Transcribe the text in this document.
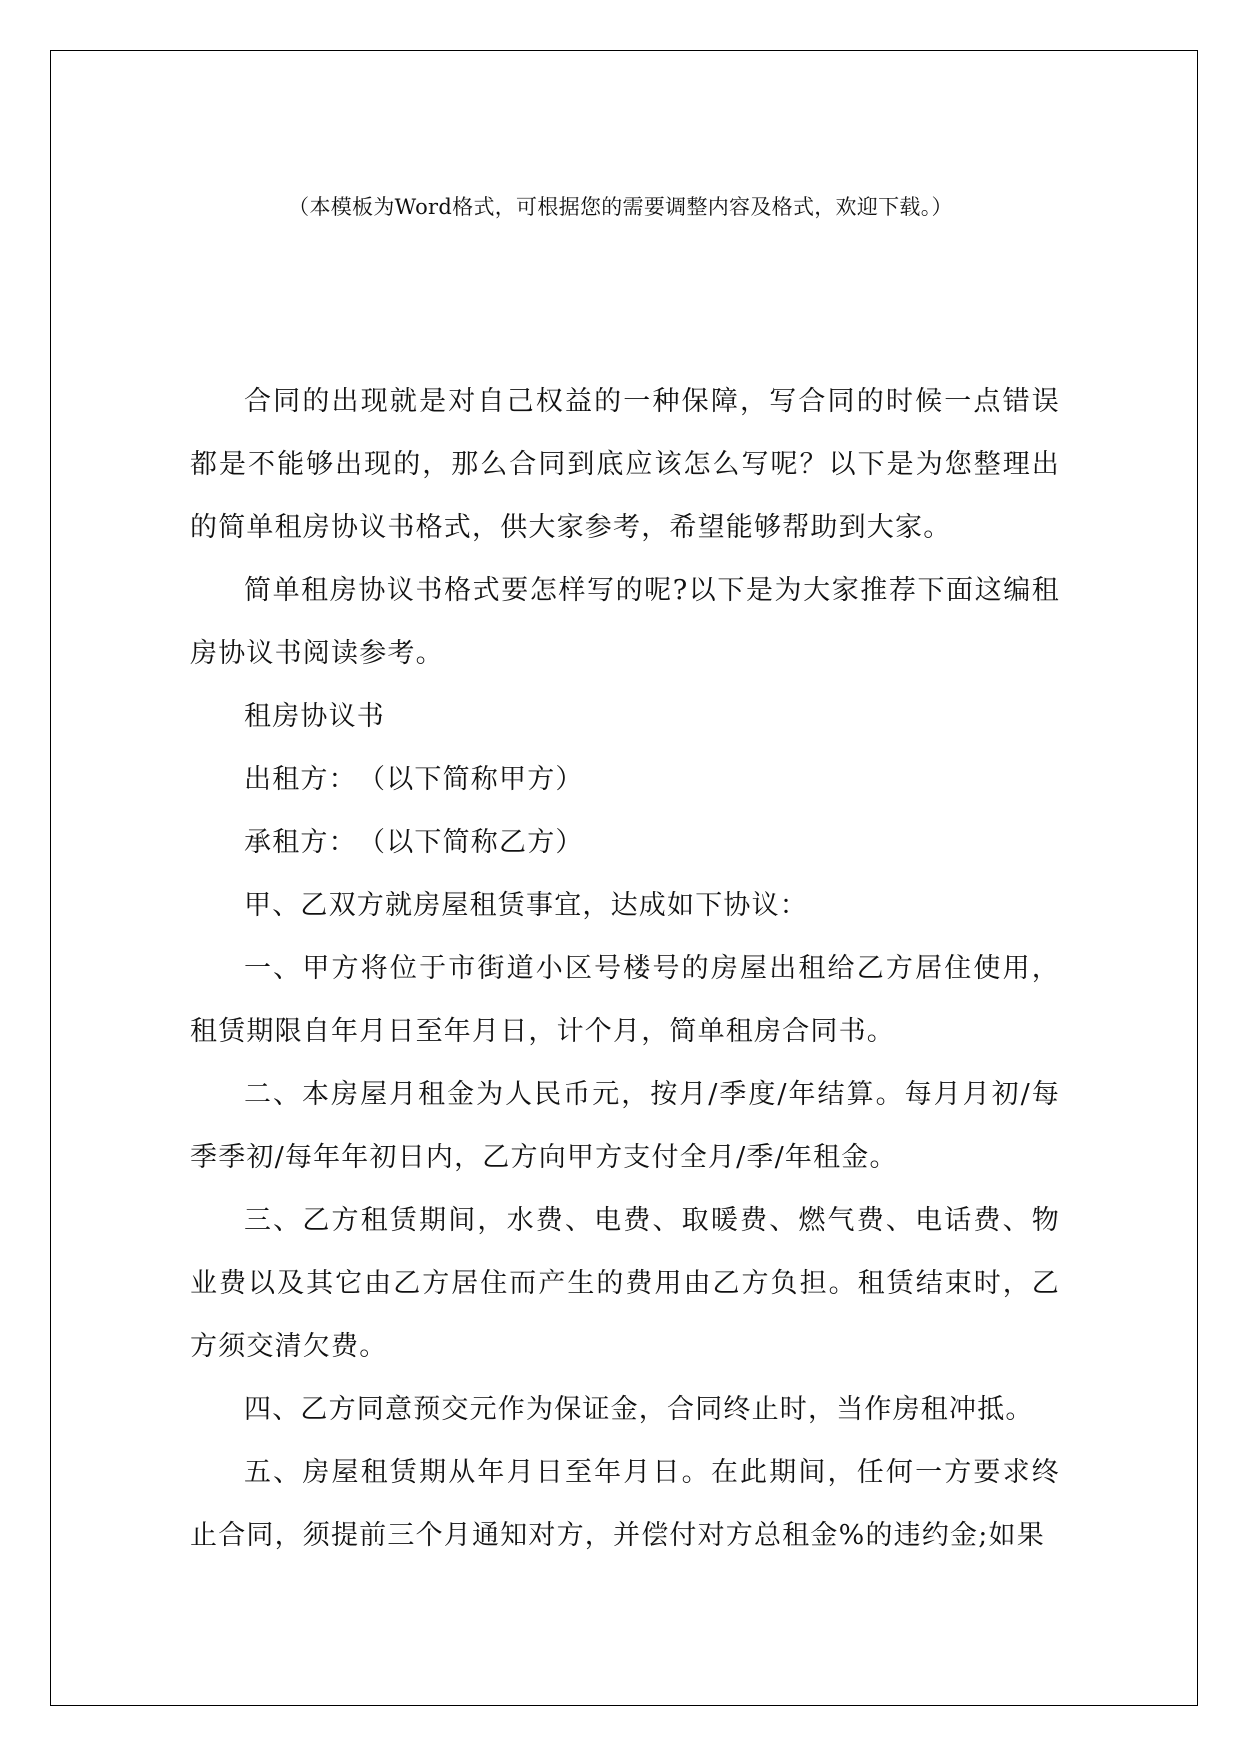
（本模板为Word格式，可根据您的需要调整内容及格式，欢迎下载。）

合同的出现就是对自己权益的一种保障，写合同的时候一点错误都是不能够出现的，那么合同到底应该怎么写呢？以下是为您整理出的简单租房协议书格式，供大家参考，希望能够帮助到大家。

简单租房协议书格式要怎样写的呢?以下是为大家推荐下面这编租房协议书阅读参考。

租房协议书

出租方：　（以下简称甲方）

承租方：　（以下简称乙方）

甲、乙双方就房屋租赁事宜，达成如下协议：

一、甲方将位于市街道小区号楼号的房屋出租给乙方居住使用，租赁期限自年月日至年月日，计个月，简单租房合同书。

二、本房屋月租金为人民币元，按月/季度/年结算。每月月初/每季季初/每年年初日内，乙方向甲方支付全月/季/年租金。

三、乙方租赁期间，水费、电费、取暖费、燃气费、电话费、物业费以及其它由乙方居住而产生的费用由乙方负担。租赁结束时，乙方须交清欠费。

四、乙方同意预交元作为保证金，合同终止时，当作房租冲抵。

五、房屋租赁期从年月日至年月日。在此期间，任何一方要求终止合同，须提前三个月通知对方，并偿付对方总租金%的违约金;如果
